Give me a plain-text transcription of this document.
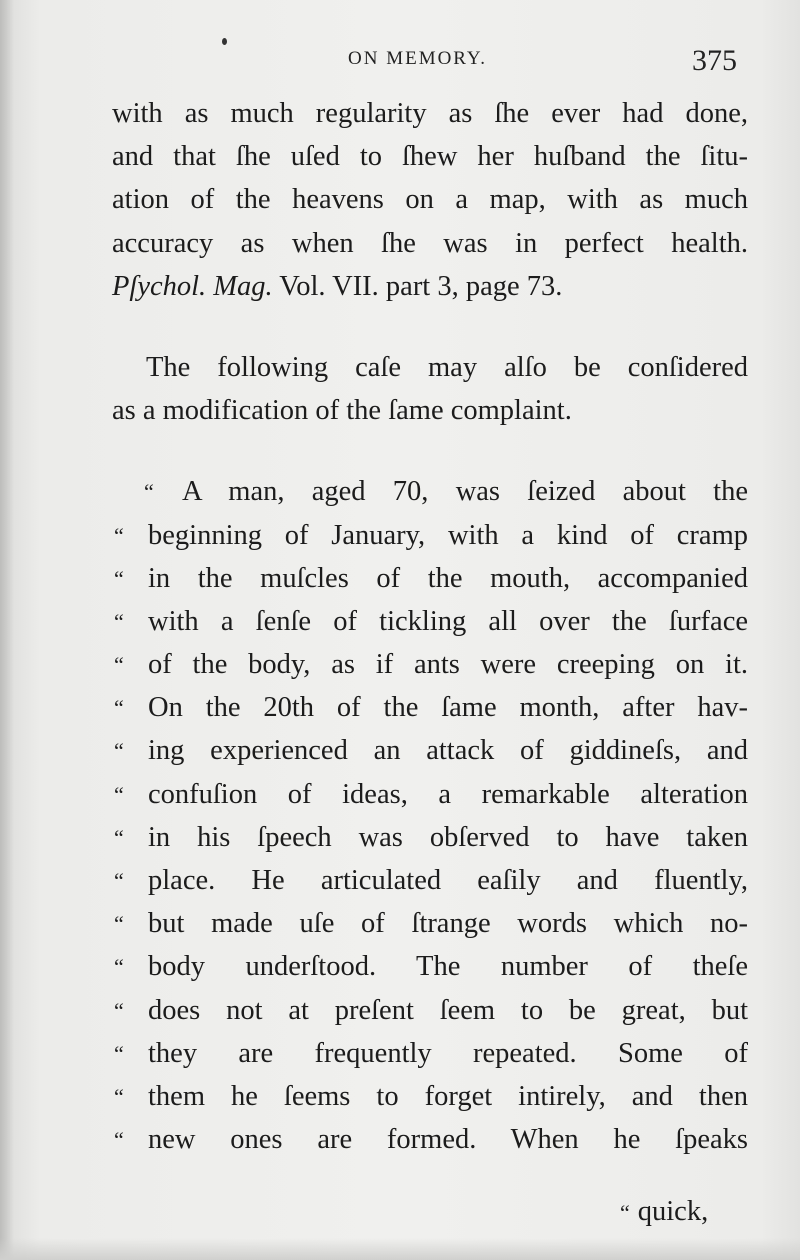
ON MEMORY.	375
with as much regularity as ſhe ever had done,
and that ſhe uſed to ſhew her huſband the ſitu-
ation of the heavens on a map, with as much
accuracy as when ſhe was in perfect health.
Pſychol. Mag. Vol. VII. part 3, page 73.
The following caſe may alſo be conſidered
as a modification of the ſame complaint.
“ A man, aged 70, was ſeized about the
“ beginning of January, with a kind of cramp
“ in the muſcles of the mouth, accompanied
“ with a ſenſe of tickling all over the ſurface
“ of the body, as if ants were creeping on it.
“ On the 20th of the ſame month, after hav-
“ ing experienced an attack of giddineſs, and
“ confuſion of ideas, a remarkable alteration
“ in his ſpeech was obſerved to have taken
“ place. He articulated eaſily and fluently,
“ but made uſe of ſtrange words which no-
“ body underſtood. The number of theſe
“ does not at preſent ſeem to be great, but
“ they are frequently repeated. Some of
“ them he ſeems to forget intirely, and then
“ new ones are formed. When he ſpeaks
“ quick,
